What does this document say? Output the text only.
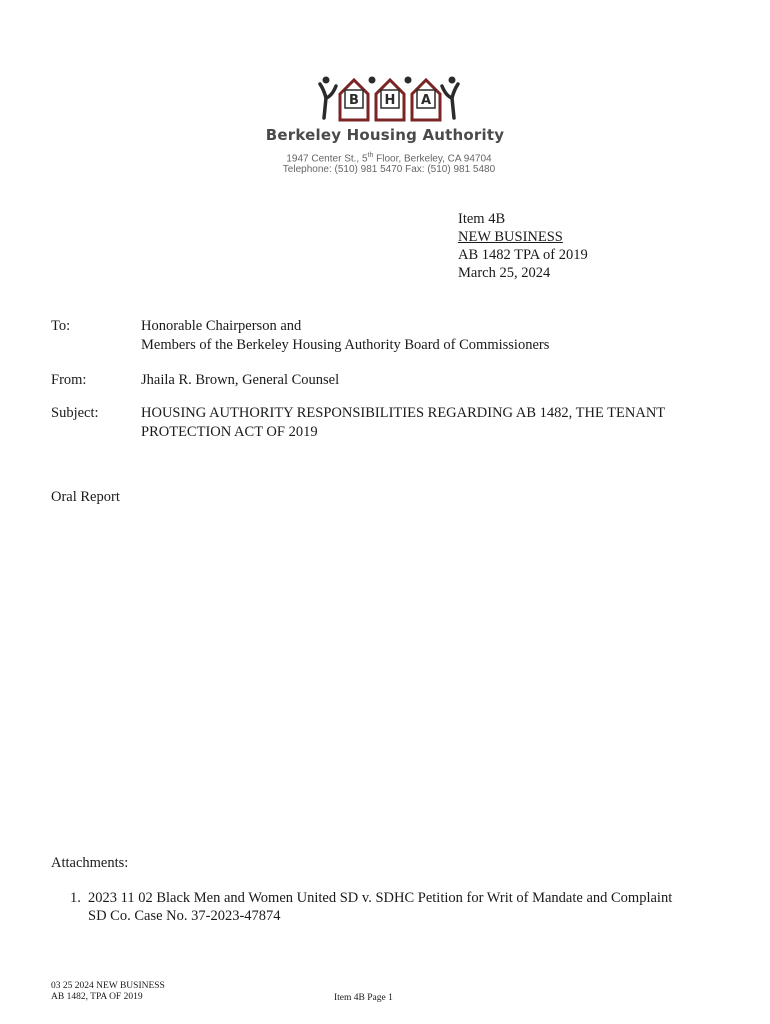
B H A
Berkeley Housing Authority
1947 Center St., 5th Floor, Berkeley, CA 94704
Telephone: (510) 981 5470 Fax: (510) 981 5480
Item 4B
NEW BUSINESS
AB 1482 TPA of 2019
March 25, 2024
To:	Honorable Chairperson and
Members of the Berkeley Housing Authority Board of Commissioners
From:	Jhaila R. Brown, General Counsel
Subject:	HOUSING AUTHORITY RESPONSIBILITIES REGARDING AB 1482, THE TENANT
PROTECTION ACT OF 2019
Oral Report
Attachments:
1. 2023 11 02 Black Men and Women United SD v. SDHC Petition for Writ of Mandate and Complaint
SD Co. Case No. 37-2023-47874
03 25 2024 NEW BUSINESS
AB 1482, TPA OF 2019	Item 4B Page 1
